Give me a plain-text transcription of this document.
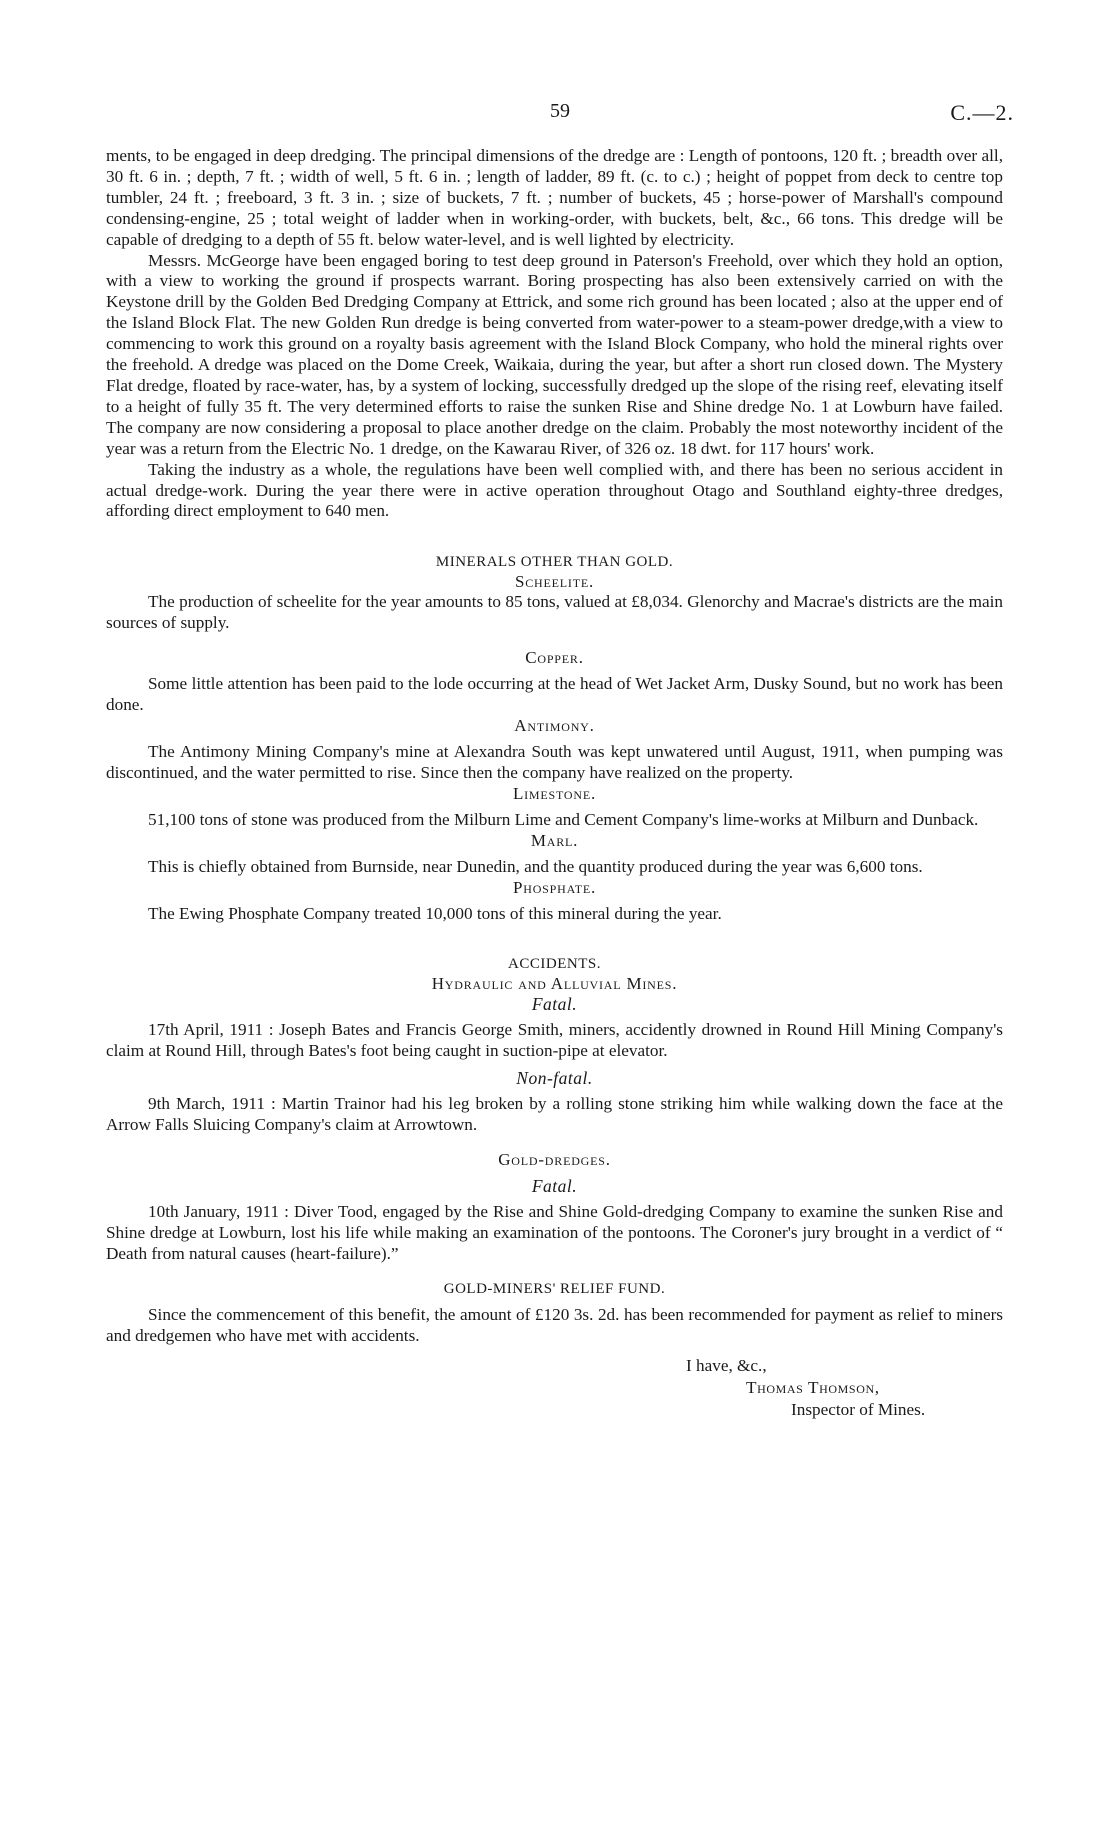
59	C.—2.

ments, to be engaged in deep dredging. The principal dimensions of the dredge are : Length of pontoons, 120 ft. ; breadth over all, 30 ft. 6 in. ; depth, 7 ft. ; width of well, 5 ft. 6 in. ; length of ladder, 89 ft. (c. to c.) ; height of poppet from deck to centre top tumbler, 24 ft. ; freeboard, 3 ft. 3 in. ; size of buckets, 7 ft. ; number of buckets, 45 ; horse-power of Marshall's compound condensing-engine, 25 ; total weight of ladder when in working-order, with buckets, belt, &c., 66 tons. This dredge will be capable of dredging to a depth of 55 ft. below water-level, and is well lighted by electricity.

Messrs. McGeorge have been engaged boring to test deep ground in Paterson's Freehold, over which they hold an option, with a view to working the ground if prospects warrant. Boring prospecting has also been extensively carried on with the Keystone drill by the Golden Bed Dredging Company at Ettrick, and some rich ground has been located ; also at the upper end of the Island Block Flat. The new Golden Run dredge is being converted from water-power to a steam-power dredge,with a view to commencing to work this ground on a royalty basis agreement with the Island Block Company, who hold the mineral rights over the freehold. A dredge was placed on the Dome Creek, Waikaia, during the year, but after a short run closed down. The Mystery Flat dredge, floated by race-water, has, by a system of locking, successfully dredged up the slope of the rising reef, elevating itself to a height of fully 35 ft. The very determined efforts to raise the sunken Rise and Shine dredge No. 1 at Lowburn have failed. The company are now considering a proposal to place another dredge on the claim. Probably the most noteworthy incident of the year was a return from the Electric No. 1 dredge, on the Kawarau River, of 326 oz. 18 dwt. for 117 hours' work.

Taking the industry as a whole, the regulations have been well complied with, and there has been no serious accident in actual dredge-work. During the year there were in active operation throughout Otago and Southland eighty-three dredges, affording direct employment to 640 men.

MINERALS OTHER THAN GOLD.
Scheelite.

The production of scheelite for the year amounts to 85 tons, valued at £8,034. Glenorchy and Macrae's districts are the main sources of supply.

Copper.

Some little attention has been paid to the lode occurring at the head of Wet Jacket Arm, Dusky Sound, but no work has been done.

Antimony.

The Antimony Mining Company's mine at Alexandra South was kept unwatered until August, 1911, when pumping was discontinued, and the water permitted to rise. Since then the company have realized on the property.

Limestone.

51,100 tons of stone was produced from the Milburn Lime and Cement Company's lime-works at Milburn and Dunback.

Marl.

This is chiefly obtained from Burnside, near Dunedin, and the quantity produced during the year was 6,600 tons.

Phosphate.

The Ewing Phosphate Company treated 10,000 tons of this mineral during the year.

ACCIDENTS.
Hydraulic and Alluvial Mines.
Fatal.

17th April, 1911 : Joseph Bates and Francis George Smith, miners, accidently drowned in Round Hill Mining Company's claim at Round Hill, through Bates's foot being caught in suction-pipe at elevator.

Non-fatal.

9th March, 1911 : Martin Trainor had his leg broken by a rolling stone striking him while walking down the face at the Arrow Falls Sluicing Company's claim at Arrowtown.

Gold-dredges.
Fatal.

10th January, 1911 : Diver Tood, engaged by the Rise and Shine Gold-dredging Company to examine the sunken Rise and Shine dredge at Lowburn, lost his life while making an examination of the pontoons. The Coroner's jury brought in a verdict of “ Death from natural causes (heart-failure).”

GOLD-MINERS' RELIEF FUND.

Since the commencement of this benefit, the amount of £120 3s. 2d. has been recommended for payment as relief to miners and dredgemen who have met with accidents.

I have, &c.,
Thomas Thomson,
Inspector of Mines.
